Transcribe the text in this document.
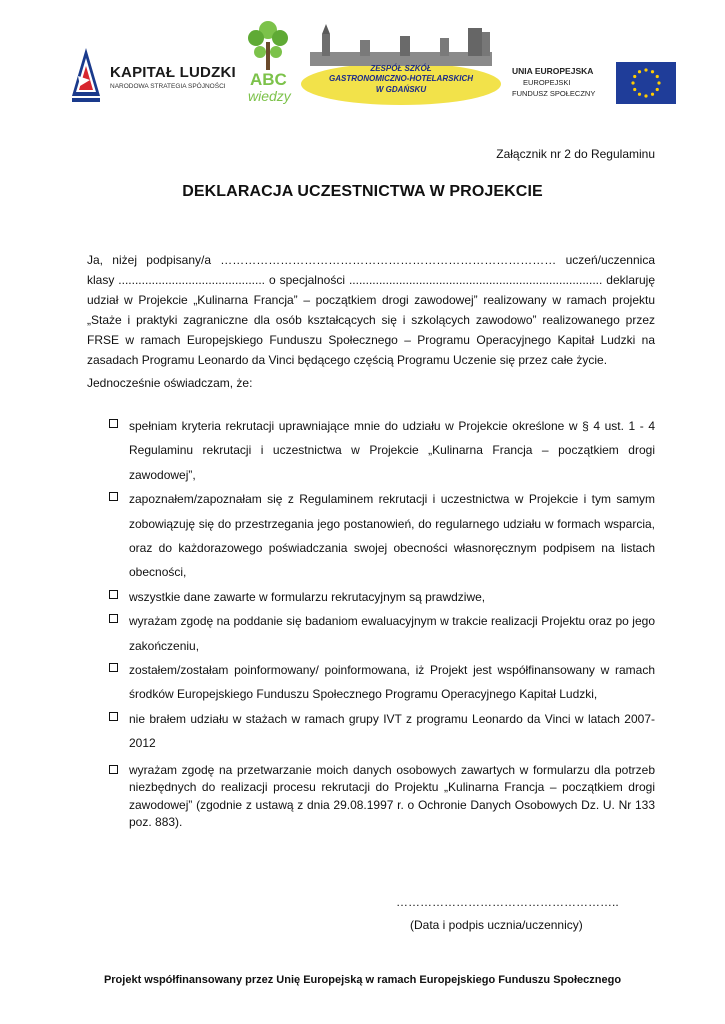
KAPITAŁ LUDZKI
NARODOWA STRATEGIA SPÓJNOŚCI ABC
wiedzy
ZESPÓŁ SZKÓŁ
GASTRONOMICZNO-HOTELARSKICH
W GDAŃSKU
UNIA EUROPEJSKA
EUROPEJSKI
FUNDUSZ SPOŁECZNY
Załącznik nr 2 do Regulaminu
DEKLARACJA UCZESTNICTWA W PROJEKCIE
Ja, niżej podpisany/a ………………………………………………………………………… uczeń/uczennica klasy ............................................ o specjalności ............................................................................ deklaruję udział w Projekcie „Kulinarna Francja” – początkiem drogi zawodowej” realizowany w ramach projektu „Staże i praktyki zagraniczne dla osób kształcących się i szkolących zawodowo” realizowanego przez FRSE w ramach Europejskiego Funduszu Społecznego – Programu Operacyjnego Kapitał Ludzki na zasadach Programu Leonardo da Vinci będącego częścią Programu Uczenie się przez całe życie.
Jednocześnie oświadczam, że:
spełniam kryteria rekrutacji uprawniające mnie do udziału w Projekcie określone w § 4 ust. 1 - 4 Regulaminu rekrutacji i uczestnictwa w Projekcie „Kulinarna Francja – początkiem drogi zawodowej”,
zapoznałem/zapoznałam się z Regulaminem rekrutacji i uczestnictwa w Projekcie i tym samym zobowiązuję się do przestrzegania jego postanowień, do regularnego udziału w formach wsparcia, oraz do każdorazowego poświadczania swojej obecności własnoręcznym podpisem na listach obecności,
wszystkie dane zawarte w formularzu rekrutacyjnym są prawdziwe,
wyrażam zgodę na poddanie się badaniom ewaluacyjnym w trakcie realizacji Projektu oraz po jego zakończeniu,
zostałem/zostałam poinformowany/ poinformowana, iż Projekt jest współfinansowany w ramach środków Europejskiego Funduszu Społecznego Programu Operacyjnego Kapitał Ludzki,
nie brałem udziału w stażach w ramach grupy IVT z programu Leonardo da Vinci w latach 2007-2012
wyrażam zgodę na przetwarzanie moich danych osobowych zawartych w formularzu dla potrzeb niezbędnych do realizacji procesu rekrutacji do Projektu „Kulinarna Francja – początkiem drogi zawodowej” (zgodnie z ustawą z dnia 29.08.1997 r. o Ochronie Danych Osobowych Dz. U. Nr 133 poz. 883).
………………………………………………..
(Data i podpis ucznia/uczennicy)
Projekt współfinansowany przez Unię Europejską w ramach Europejskiego Funduszu Społecznego
